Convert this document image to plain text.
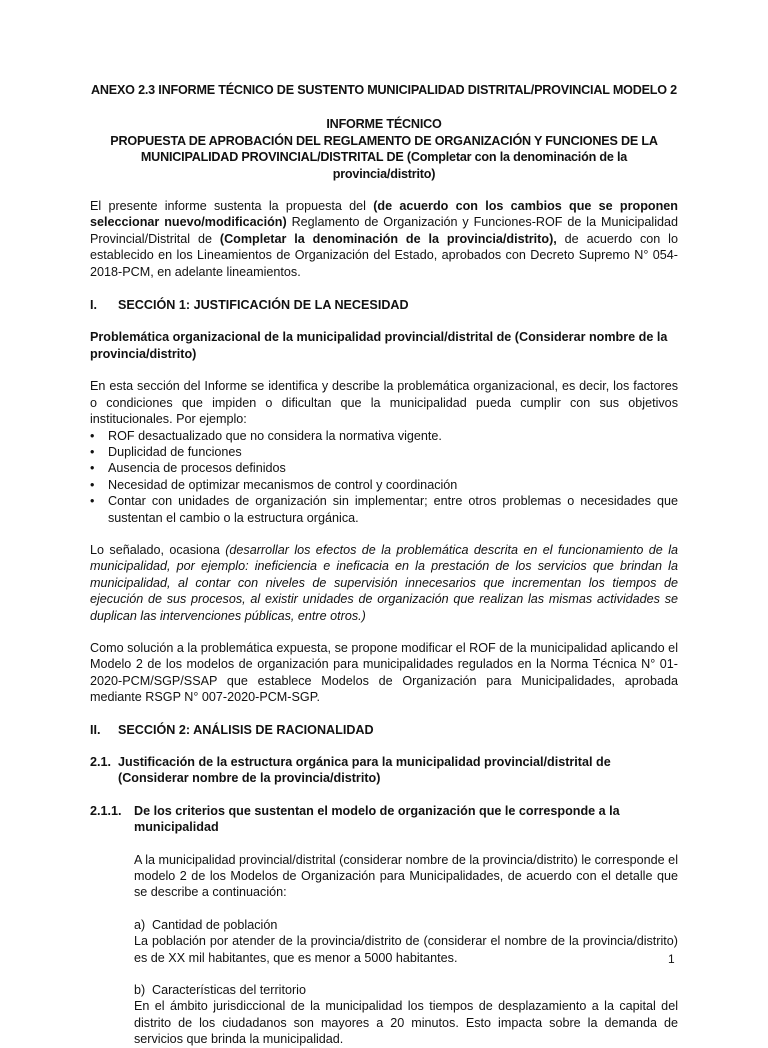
ANEXO 2.3 INFORME TÉCNICO DE SUSTENTO MUNICIPALIDAD DISTRITAL/PROVINCIAL MODELO 2
INFORME TÉCNICO
PROPUESTA DE APROBACIÓN DEL REGLAMENTO DE ORGANIZACIÓN Y FUNCIONES DE LA
MUNICIPALIDAD PROVINCIAL/DISTRITAL DE (Completar con la denominación de la provincia/distrito)

El presente informe sustenta la propuesta del (de acuerdo con los cambios que se proponen seleccionar nuevo/modificación) Reglamento de Organización y Funciones-ROF de la Municipalidad Provincial/Distrital de (Completar la denominación de la provincia/distrito), de acuerdo con lo establecido en los Lineamientos de Organización del Estado, aprobados con Decreto Supremo N° 054-2018-PCM, en adelante lineamientos.

I.	SECCIÓN 1: JUSTIFICACIÓN DE LA NECESIDAD
Problemática organizacional de la municipalidad provincial/distrital de (Considerar nombre de la provincia/distrito)

En esta sección del Informe se identifica y describe la problemática organizacional, es decir, los factores o condiciones que impiden o dificultan que la municipalidad pueda cumplir con sus objetivos institucionales. Por ejemplo:

• ROF desactualizado que no considera la normativa vigente.
• Duplicidad de funciones
• Ausencia de procesos definidos
• Necesidad de optimizar mecanismos de control y coordinación
• Contar con unidades de organización sin implementar; entre otros problemas o necesidades que sustentan el cambio o la estructura orgánica.

Lo señalado, ocasiona (desarrollar los efectos de la problemática descrita en el funcionamiento de la municipalidad, por ejemplo: ineficiencia e ineficacia en la prestación de los servicios que brindan la municipalidad, al contar con niveles de supervisión innecesarios que incrementan los tiempos de ejecución de sus procesos, al existir unidades de organización que realizan las mismas actividades se duplican las intervenciones públicas, entre otros.)

Como solución a la problemática expuesta, se propone modificar el ROF de la municipalidad aplicando el Modelo 2 de los modelos de organización para municipalidades regulados en la Norma Técnica N° 01-2020-PCM/SGP/SSAP que establece Modelos de Organización para Municipalidades, aprobada mediante RSGP N° 007-2020-PCM-SGP.

II.	SECCIÓN 2: ANÁLISIS DE RACIONALIDAD
2.1. Justificación de la estructura orgánica para la municipalidad provincial/distrital de (Considerar nombre de la provincia/distrito)
2.1.1. De los criterios que sustentan el modelo de organización que le corresponde a la municipalidad

A la municipalidad provincial/distrital (considerar nombre de la provincia/distrito) le corresponde el modelo 2 de los Modelos de Organización para Municipalidades, de acuerdo con el detalle que se describe a continuación:

a) Cantidad de población

La población por atender de la provincia/distrito de (considerar el nombre de la provincia/distrito) es de XX mil habitantes, que es menor a 5000 habitantes.

b) Características del territorio

En el ámbito jurisdiccional de la municipalidad los tiempos de desplazamiento a la capital del distrito de los ciudadanos son mayores a 20 minutos. Esto impacta sobre la demanda de servicios que brinda la municipalidad.

1
